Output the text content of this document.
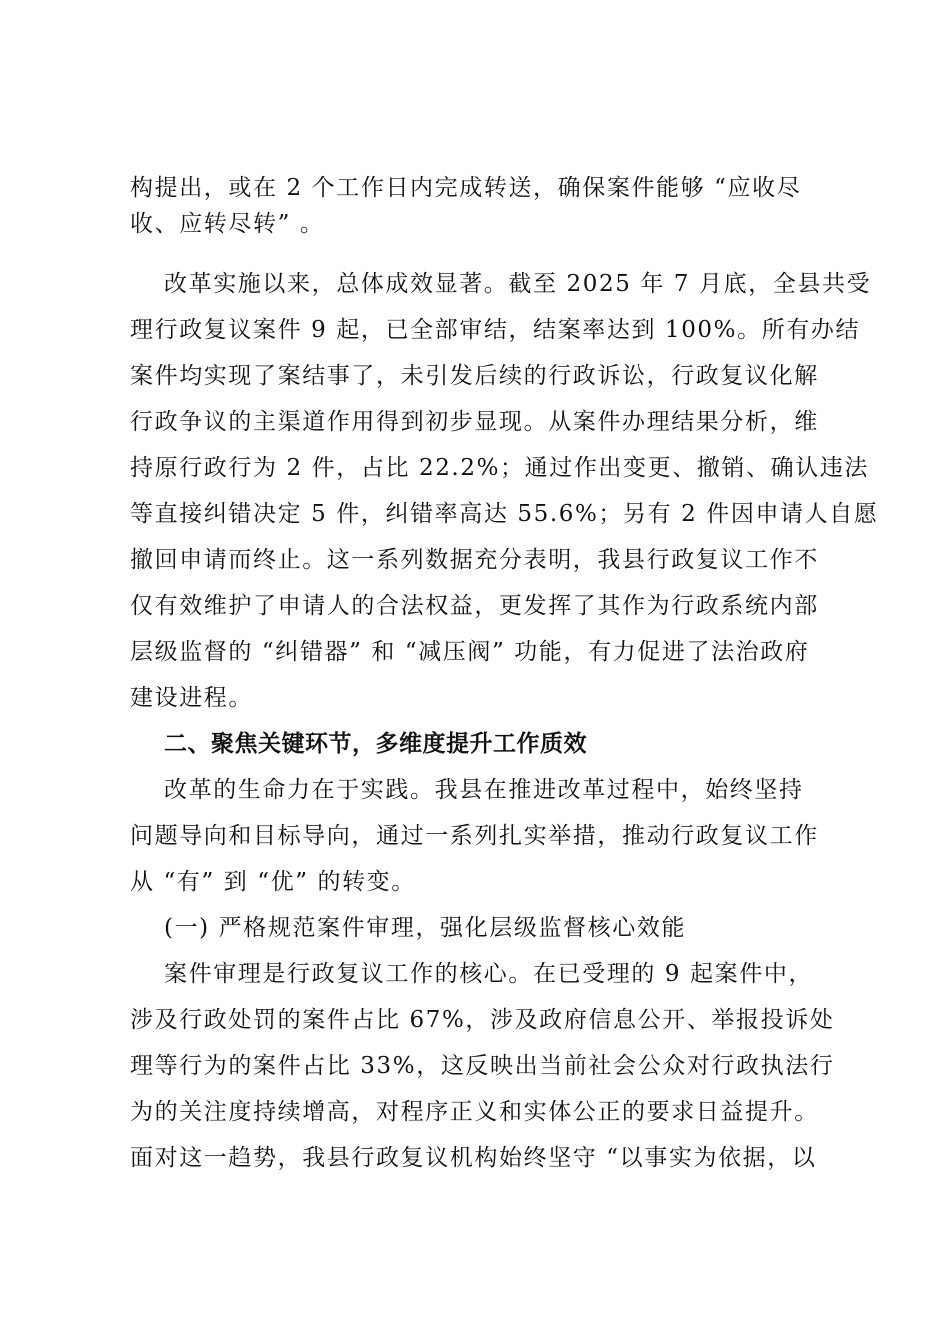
构提出，或在 2 个工作日内完成转送，确保案件能够 “应收尽
收、应转尽转” 。
改革实施以来，总体成效显著。截至 2025 年 7 月底，全县共受
理行政复议案件 9 起，已全部审结，结案率达到 100%。所有办结
案件均实现了案结事了，未引发后续的行政诉讼，行政复议化解
行政争议的主渠道作用得到初步显现。从案件办理结果分析，维
持原行政行为 2 件，占比 22.2%；通过作出变更、撤销、确认违法
等直接纠错决定 5 件，纠错率高达 55.6%；另有 2 件因申请人自愿
撤回申请而终止。这一系列数据充分表明，我县行政复议工作不
仅有效维护了申请人的合法权益，更发挥了其作为行政系统内部
层级监督的 “纠错器” 和 “减压阀” 功能，有力促进了法治政府
建设进程。
二、聚焦关键环节，多维度提升工作质效
改革的生命力在于实践。我县在推进改革过程中，始终坚持
问题导向和目标导向，通过一系列扎实举措，推动行政复议工作
从 “有” 到 “优” 的转变。
(一) 严格规范案件审理，强化层级监督核心效能
案件审理是行政复议工作的核心。在已受理的 9 起案件中，
涉及行政处罚的案件占比 67%，涉及政府信息公开、举报投诉处
理等行为的案件占比 33%，这反映出当前社会公众对行政执法行
为的关注度持续增高，对程序正义和实体公正的要求日益提升。
面对这一趋势，我县行政复议机构始终坚守 “以事实为依据，以
